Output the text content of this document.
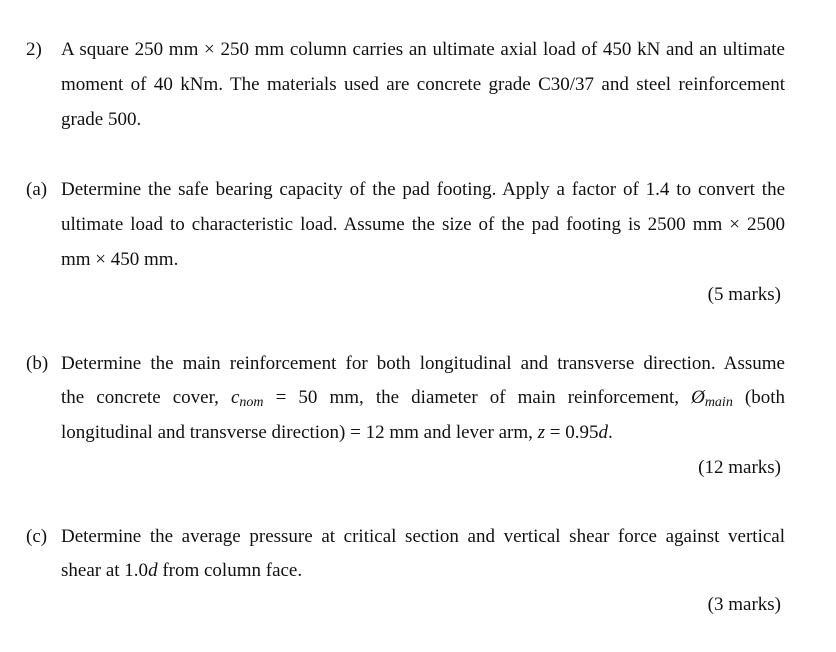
2) A square 250 mm × 250 mm column carries an ultimate axial load of 450 kN and an ultimate
moment of 40 kNm. The materials used are concrete grade C30/37 and steel reinforcement
grade 500.
(a) Determine the safe bearing capacity of the pad footing. Apply a factor of 1.4 to convert the
ultimate load to characteristic load. Assume the size of the pad footing is 2500 mm × 2500
mm × 450 mm.
(5 marks)
(b) Determine the main reinforcement for both longitudinal and transverse direction. Assume
the concrete cover, cnom = 50 mm, the diameter of main reinforcement, Ømain (both
longitudinal and transverse direction) = 12 mm and lever arm, z = 0.95d.
(12 marks)
(c) Determine the average pressure at critical section and vertical shear force against vertical
shear at 1.0d from column face.
(3 marks)
